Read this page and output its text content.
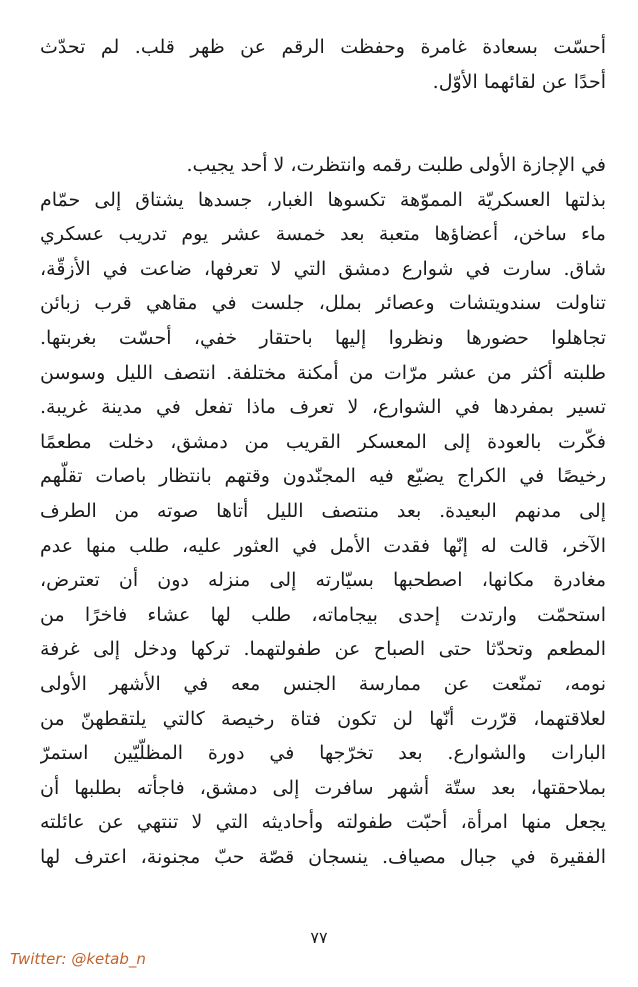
أحسّت بسعادة غامرة وحفظت الرقم عن ظهر قلب. لم تحدّث
أحدًا عن لقائهما الأوّل.
في الإجازة الأولى طلبت رقمه وانتظرت، لا أحد يجيب.
بذلتها العسكريّة المموّهة تكسوها الغبار، جسدها يشتاق إلى حمّام
ماء ساخن، أعضاؤها متعبة بعد خمسة عشر يوم تدريب عسكري
شاق. سارت في شوارع دمشق التي لا تعرفها، ضاعت في الأزقّة،
تناولت سندويتشات وعصائر بملل، جلست في مقاهي قرب زبائن
تجاهلوا حضورها ونظروا إليها باحتقار خفي، أحسّت بغربتها.
طلبته أكثر من عشر مرّات من أمكنة مختلفة. انتصف الليل وسوسن
تسير بمفردها في الشوارع، لا تعرف ماذا تفعل في مدينة غريبة.
فكّرت بالعودة إلى المعسكر القريب من دمشق، دخلت مطعمًا
رخيصًا في الكراج يضيّع فيه المجنّدون وقتهم بانتظار باصات تقلّهم
إلى مدنهم البعيدة. بعد منتصف الليل أتاها صوته من الطرف
الآخر، قالت له إنّها فقدت الأمل في العثور عليه، طلب منها عدم
مغادرة مكانها، اصطحبها بسيّارته إلى منزله دون أن تعترض،
استحمّت وارتدت إحدى بيجاماته، طلب لها عشاء فاخرًا من
المطعم وتحدّثا حتى الصباح عن طفولتهما. تركها ودخل إلى غرفة
نومه، تمنّعت عن ممارسة الجنس معه في الأشهر الأولى
لعلاقتهما، قرّرت أنّها لن تكون فتاة رخيصة كالتي يلتقطهنّ من
البارات والشوارع. بعد تخرّجها في دورة المظلّيّين استمرّ
بملاحقتها، بعد ستّة أشهر سافرت إلى دمشق، فاجأته بطلبها أن
يجعل منها امرأة، أحبّت طفولته وأحاديثه التي لا تنتهي عن عائلته
الفقيرة في جبال مصياف. ينسجان قصّة حبّ مجنونة، اعترف لها
٧٧
Twitter: @ketab_n
